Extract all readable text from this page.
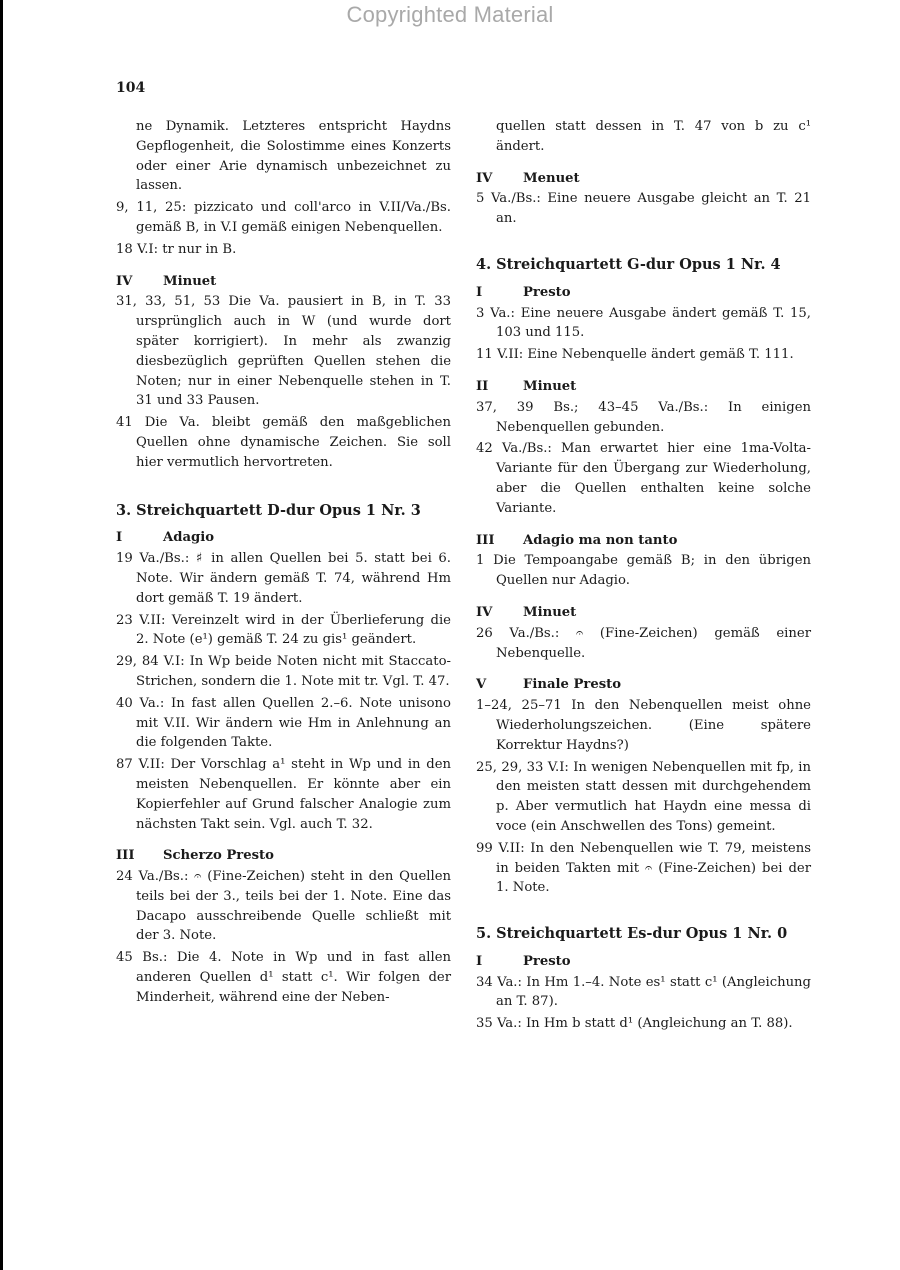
Copyrighted Material
104

ne Dynamik. Letzteres entspricht Haydns Gepflogenheit, die Solostimme eines Konzerts oder einer Arie dynamisch unbezeichnet zu lassen.

9, 11, 25: pizzicato und coll'arco in V.II/Va./Bs. gemäß B, in V.I gemäß einigen Nebenquellen.

18 V.I: tr nur in B.

IV Minuet

31, 33, 51, 53 Die Va. pausiert in B, in T. 33 ursprünglich auch in W (und wurde dort später korrigiert). In mehr als zwanzig diesbezüglich geprüften Quellen stehen die Noten; nur in einer Nebenquelle stehen in T. 31 und 33 Pausen.

41 Die Va. bleibt gemäß den maßgeblichen Quellen ohne dynamische Zeichen. Sie soll hier vermutlich hervortreten.

3. Streichquartett D-dur Opus 1 Nr. 3
I	Adagio

19 Va./Bs.: ♯ in allen Quellen bei 5. statt bei 6. Note. Wir ändern gemäß T. 74, während Hm dort gemäß T. 19 ändert.

23 V.II: Vereinzelt wird in der Überlieferung die 2. Note (e¹) gemäß T. 24 zu gis¹ geändert.

29, 84 V.I: In Wp beide Noten nicht mit Staccato-Strichen, sondern die 1. Note mit tr. Vgl. T. 47.

40 Va.: In fast allen Quellen 2.–6. Note unisono mit V.II. Wir ändern wie Hm in Anlehnung an die folgenden Takte.

87 V.II: Der Vorschlag a¹ steht in Wp und in den meisten Nebenquellen. Er könnte aber ein Kopierfehler auf Grund falscher Analogie zum nächsten Takt sein. Vgl. auch T. 32.

III Scherzo Presto

24 Va./Bs.: 𝄐 (Fine-Zeichen) steht in den Quellen teils bei der 3., teils bei der 1. Note. Eine das Dacapo ausschreibende Quelle schließt mit der 3. Note.

45 Bs.: Die 4. Note in Wp und in fast allen anderen Quellen d¹ statt c¹. Wir folgen der Minderheit, während eine der Neben-

quellen statt dessen in T. 47 von b zu c¹ ändert.

IV Menuet

5 Va./Bs.: Eine neuere Ausgabe gleicht an T. 21 an.

4. Streichquartett G-dur Opus 1 Nr. 4
I	Presto

3 Va.: Eine neuere Ausgabe ändert gemäß T. 15, 103 und 115.

11 V.II: Eine Nebenquelle ändert gemäß T. 111.

II	Minuet

37, 39 Bs.; 43–45 Va./Bs.: In einigen Nebenquellen gebunden.

42 Va./Bs.: Man erwartet hier eine 1ma-Volta-Variante für den Übergang zur Wiederholung, aber die Quellen enthalten keine solche Variante.

III Adagio ma non tanto

1 Die Tempoangabe gemäß B; in den übrigen Quellen nur Adagio.

IV Minuet

26 Va./Bs.: 𝄐 (Fine-Zeichen) gemäß einer Nebenquelle.

V	Finale Presto

1–24, 25–71 In den Nebenquellen meist ohne Wiederholungszeichen. (Eine spätere Korrektur Haydns?)

25, 29, 33 V.I: In wenigen Nebenquellen mit fp, in den meisten statt dessen mit durchgehendem p. Aber vermutlich hat Haydn eine messa di voce (ein Anschwellen des Tons) gemeint.

99 V.II: In den Nebenquellen wie T. 79, meistens in beiden Takten mit 𝄐 (Fine-Zeichen) bei der 1. Note.

5. Streichquartett Es-dur Opus 1 Nr. 0
I	Presto

34 Va.: In Hm 1.–4. Note es¹ statt c¹ (Angleichung an T. 87).

35 Va.: In Hm b statt d¹ (Angleichung an T. 88).
